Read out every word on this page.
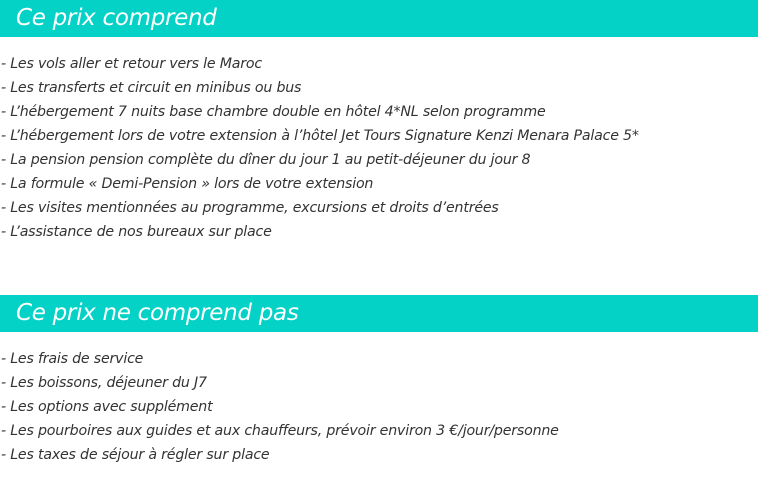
Ce prix comprend
- Les vols aller et retour vers le Maroc
- Les transferts et circuit en minibus ou bus
- L’hébergement 7 nuits base chambre double en hôtel 4*NL selon programme
- L’hébergement lors de votre extension à l’hôtel Jet Tours Signature Kenzi Menara Palace 5*
- La pension pension complète du dîner du jour 1 au petit-déjeuner du jour 8
- La formule « Demi-Pension » lors de votre extension
- Les visites mentionnées au programme, excursions et droits d’entrées
- L’assistance de nos bureaux sur place
Ce prix ne comprend pas
- Les frais de service
- Les boissons, déjeuner du J7
- Les options avec supplément
- Les pourboires aux guides et aux chauffeurs, prévoir environ 3 €/jour/personne
- Les taxes de séjour à régler sur place
